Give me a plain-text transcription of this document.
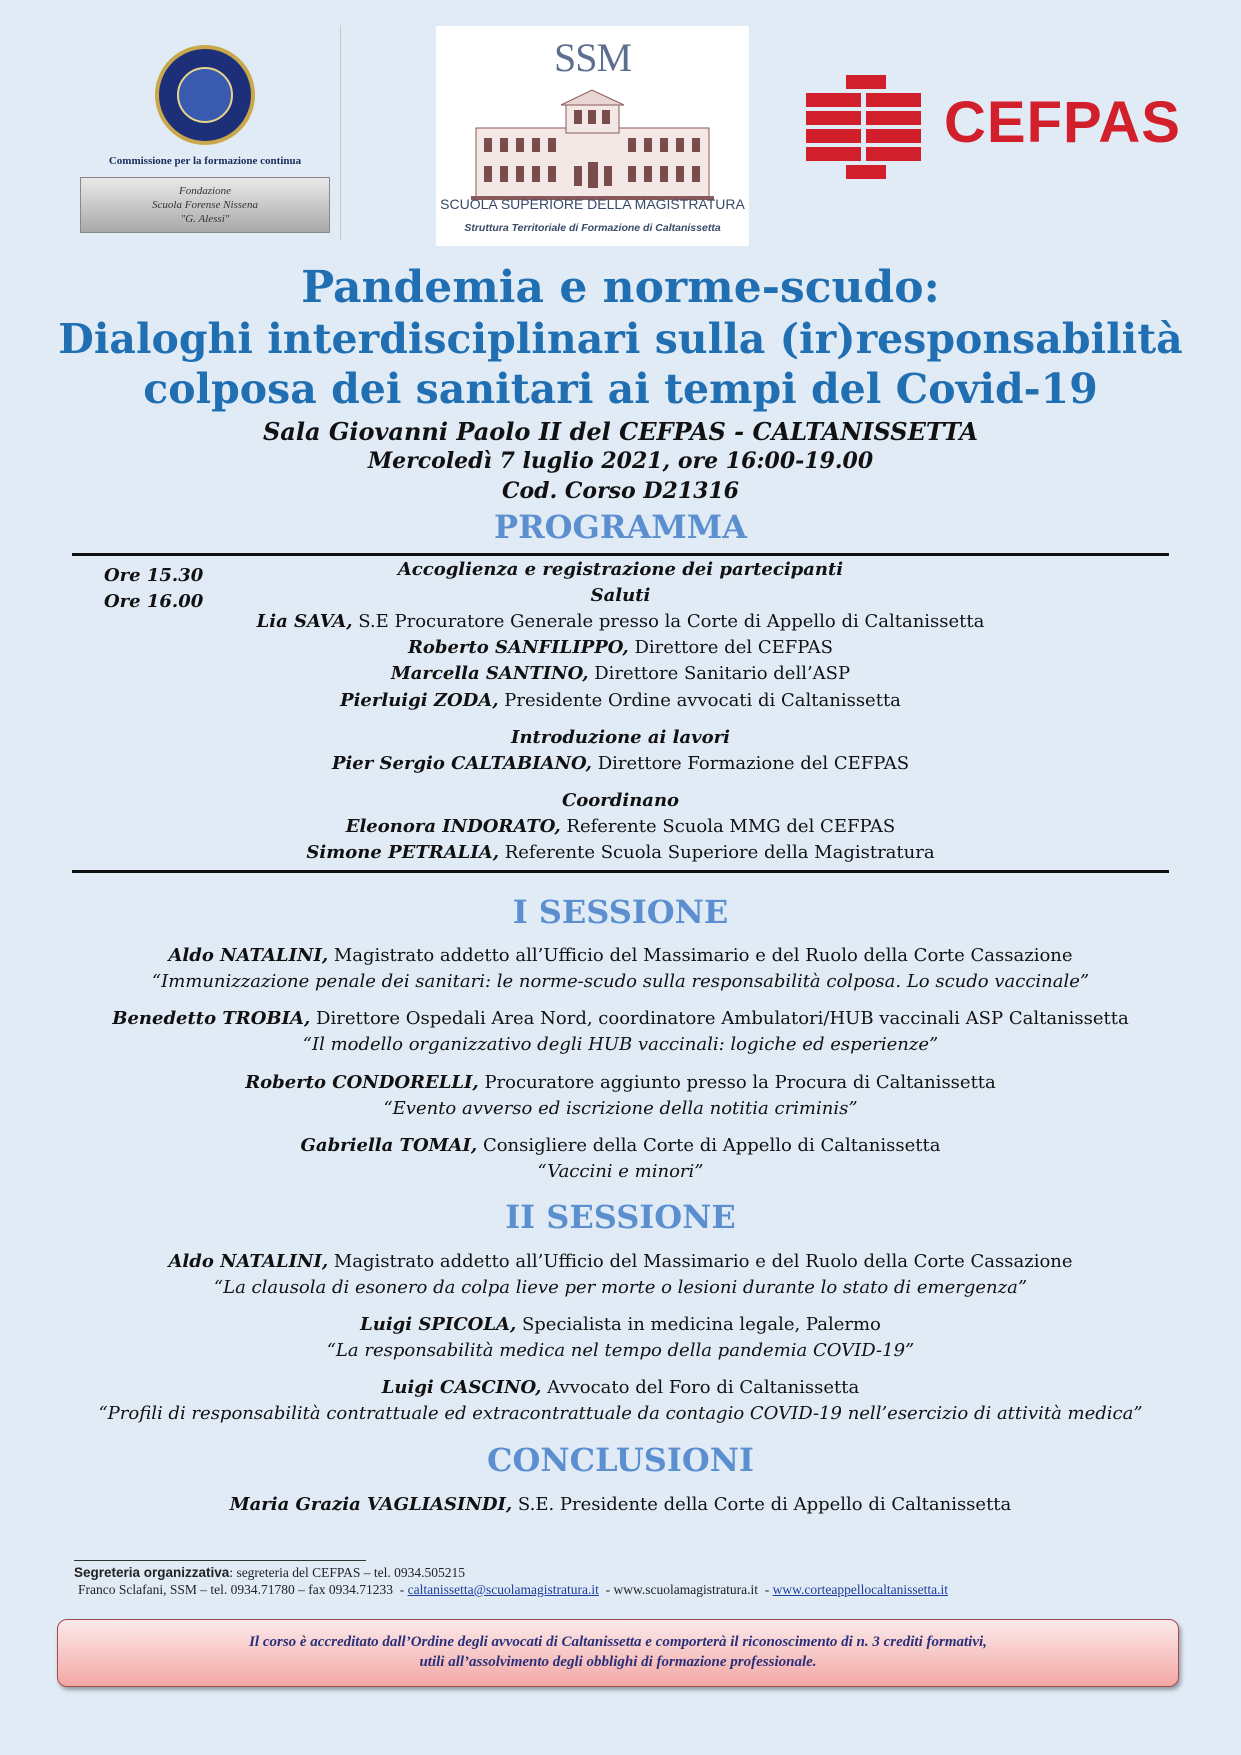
Commissione per la formazione continua
Fondazione
Scuola Forense Nissena
"G. Alessi"
SSM
SCUOLA SUPERIORE DELLA MAGISTRATURA
Struttura Territoriale di Formazione di Caltanissetta
CEFPAS
Pandemia e norme-scudo:
Dialoghi interdisciplinari sulla (ir)responsabilità
colposa dei sanitari ai tempi del Covid-19
Sala Giovanni Paolo II del CEFPAS - CALTANISSETTA
Mercoledì 7 luglio 2021, ore 16:00-19.00
Cod. Corso D21316
PROGRAMMA
Ore 15.30
Ore 16.00
Accoglienza e registrazione dei partecipanti
Saluti
Lia SAVA, S.E Procuratore Generale presso la Corte di Appello di Caltanissetta
Roberto SANFILIPPO, Direttore del CEFPAS
Marcella SANTINO, Direttore Sanitario dell’ASP
Pierluigi ZODA, Presidente Ordine avvocati di Caltanissetta
Introduzione ai lavori
Pier Sergio CALTABIANO, Direttore Formazione del CEFPAS
Coordinano
Eleonora INDORATO, Referente Scuola MMG del CEFPAS
Simone PETRALIA, Referente Scuola Superiore della Magistratura
I SESSIONE
Aldo NATALINI, Magistrato addetto all’Ufficio del Massimario e del Ruolo della Corte Cassazione
“Immunizzazione penale dei sanitari: le norme-scudo sulla responsabilità colposa. Lo scudo vaccinale”
Benedetto TROBIA, Direttore Ospedali Area Nord, coordinatore Ambulatori/HUB vaccinali ASP Caltanissetta
“Il modello organizzativo degli HUB vaccinali: logiche ed esperienze”
Roberto CONDORELLI, Procuratore aggiunto presso la Procura di Caltanissetta
“Evento avverso ed iscrizione della notitia criminis”
Gabriella TOMAI, Consigliere della Corte di Appello di Caltanissetta
“Vaccini e minori”
II SESSIONE
Aldo NATALINI, Magistrato addetto all’Ufficio del Massimario e del Ruolo della Corte Cassazione
“La clausola di esonero da colpa lieve per morte o lesioni durante lo stato di emergenza”
Luigi SPICOLA, Specialista in medicina legale, Palermo
“La responsabilità medica nel tempo della pandemia COVID-19”
Luigi CASCINO, Avvocato del Foro di Caltanissetta
“Profili di responsabilità contrattuale ed extracontrattuale da contagio COVID-19 nell’esercizio di attività medica”
CONCLUSIONI
Maria Grazia VAGLIASINDI, S.E. Presidente della Corte di Appello di Caltanissetta
Segreteria organizzativa: segreteria del CEFPAS – tel. 0934.505215
Franco Sclafani, SSM – tel. 0934.71780 – fax 0934.71233  - caltanissetta@scuolamagistratura.it  - www.scuolamagistratura.it  - www.corteappellocaltanissetta.it
Il corso è accreditato dall’Ordine degli avvocati di Caltanissetta e comporterà il riconoscimento di n. 3 crediti formativi,
utili all’assolvimento degli obblighi di formazione professionale.
